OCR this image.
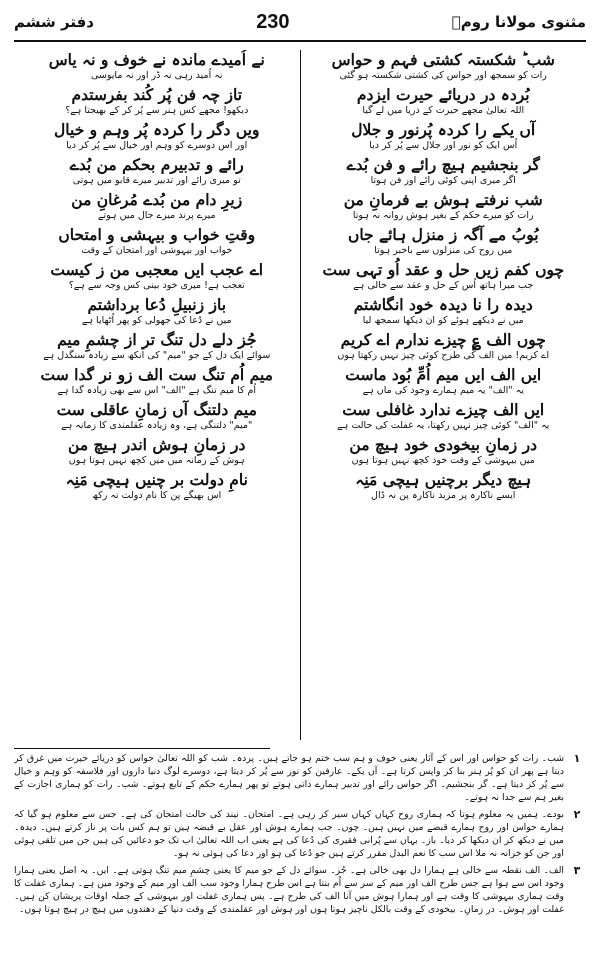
دفتر ششم	230	مثنوی مولانا رومؒ
شب ؕ شکستہ کشتی فہم و حواس
رات کو سمجھ اور حواس کی کشتی شکستہ ہو گئی
بُردہ در دریائے حیرت ایزدم
اللہ تعالیٰ مجھے حیرت کے دریا میں لے گیا
آں یکے را کردہ پُرنور و جلال
اُس ایک کو نور اور جلال سے پُر کر دیا
گر بنجشیم ہیچ رائے و فن بُدے
اگر میری اپنی کوئی رائے اور فن ہوتا
شب نرفتے ہوش بے فرمانِ من
رات کو میرے حکم کے بغیر ہوش روانہ نہ ہوتا
بُوبُ مے آگہ ز منزل ہائے جاں
میں روح کی منزلوں سے باخبر ہوتا
چوں کفم زیں حل و عقد اُو تہی ست
جب میرا ہاتھ اُس کے حل و عقد سے خالی ہے
دیدہ را نا دیدہ خود انگاشتم
میں نے دیکھے ہوئے کو ان دیکھا سمجھ لیا
چوں الف ؏ چیزے ندارم اے کریم
اے کریم! میں الف کی طرح کوئی چیز نہیں رکھتا ہوں
ایں الف ایں میم اُمِّ بُود ماست
یہ "الف" یہ میم ہمارے وجود کی ماں ہے
ایں الف چیزے ندارد غافلی ست
یہ "الف" کوئی چیز نہیں رکھتا، یہ غفلت کی حالت ہے
در زمانِ بیخودی خود ہیچ من
میں بیہوشی کے وقت خود کچھ نہیں ہوتا ہوں
ہیچ دیگر برچنیں ہیچی مَنِہ
ایسے ناکارہ پر مزید ناکارہ پن نہ ڈال
نے اُمیدے ماندہ نے خوف و نہ یاس
نہ اُمید رہی نہ ڈر اور نہ مایوسی
تاز چہ فن پُر کُند بفرستدم
دیکھو! مجھے کس ہنر سے پُر کر کے بھیجتا ہے؟
ویں دگر را کردہ پُر وہم و خیال
اور اس دوسرے کو وہم اور خیال سے پُر کر دیا
رائے و تدبیرم بحکم من بُدے
تو میری رائے اور تدبیر میرے قابو میں ہوتی
زیرِ دام من بُدے مُرغانِ من
میرے پرند میرے جال میں ہوتے
وقتِ خواب و بیہشی و امتحاں
خواب اور بیہوشی اور امتحان کے وقت
اے عجب ایں معجبی من ز کیست
تعجب ہے! میری خود بینی کس وجہ سے ہے؟
باز زنبیلِ دُعا برداشتم
میں نے دُعا کی جھولی کو پھر اُٹھایا ہے
جُز دلے دل تنگ تر از چشمِ میم
سوائے ایک دل کے جو "میم" کی آنکھ سے زیادہ سنگدل ہے
میم اُم تنگ ست الف زو نر گدا ست
اُم کا میم تنگ ہے "الف" اس سے بھی زیادہ گدا ہے
میم دلتنگ آں زمانِ عاقلی ست
"میم" دلتنگی ہے، وہ زیادہ عقلمندی کا زمانہ ہے
در زمانِ ہوش اندر ہیچ من
ہوش کے زمانہ میں میں کچھ نہیں ہوتا ہوں
نامِ دولت بر چنیں ہیچی مَنِہ
اس بھیگے پن کا نام دولت نہ رکھ
۱
شب۔ رات کو حواس اور اس کے آثار یعنی خوف و ہم سب ختم ہو جاتے ہیں۔ پردہ۔ شب کو اللہ تعالیٰ حواس کو دریائے حیرت میں غرق کر دیتا ہے پھر ان کو پُر ہنر بنا کر واپس کرتا ہے۔ آں یکے۔ عارفین کو نور سے پُر کر دیتا ہے، دوسرے لوگ دنیا داروں اور فلاسفہ کو وہم و خیال سے پُر کر دیتا ہے۔ گر بنجشیم۔ اگر حواس رائے اور تدبیر ہمارے ذاتی ہوتے تو پھر ہمارے حکم کے تابع ہوتے۔ شب۔ رات کو ہماری اجازت کے بغیر ہم سے جدا نہ ہوتے۔
۲
بودے۔ ہمیں یہ معلوم ہوتا کہ ہماری روح کہاں کہاں سیر کر رہی ہے۔ امتحان۔ نیند کی حالت امتحان کی ہے۔ جس سے معلوم ہو گیا کہ ہمارے حواس اور روح ہمارے قبضے میں نہیں ہیں۔ چوں۔ جب ہمارے ہوش اور عقل بے قبضہ ہیں تو ہم کس بات پر ناز کرتے ہیں۔ دیدہ۔ میں نے دیکھ کر ان دیکھا کر دیا۔ باز۔ یہاں سے پُرانی فقیری کی دُعا کی ہے یعنی اب اللہ تعالیٰ اب تک جو دعائیں کی ہیں جن میں تلقی ہوئی اور جن کو خزانہ نہ ملا اس سب کا نعم البدل مقرر کرتے ہیں جو دُعا کی ہو اور دعا کی ہوئی نہ ہو۔
۳
الف۔ الف نقطہ سے خالی ہے ہمارا دل بھی خالی ہے۔ جُز۔ سوائے دل کے جو میم کا یعنی چشمِ میم تنگ ہوتی ہے۔ ایں۔ یہ اصل یعنی ہمارا وجود اس سے ہوا ہے جس طرح الف اور میم کے سر سے اُم بنتا ہے اس طرح ہمارا وجود سب الف اور میم کے وجود میں ہے۔ ہماری غفلت کا وقت ہماری بیہوشی کا وقت ہے اور ہمارا ہوش میں آنا الف کی طرح ہے۔ پس ہماری غفلت اور بیہوشی کے جملہ اوقات پریشان کن ہیں۔ غفلت اور ہوش۔ در زمانِ۔ بیخودی کے وقت بالکل ناچیز ہوتا ہوں اور ہوش اور عقلمندی کے وقت دنیا کے دھندوں میں ہیچ در ہیچ ہوتا ہوں۔
